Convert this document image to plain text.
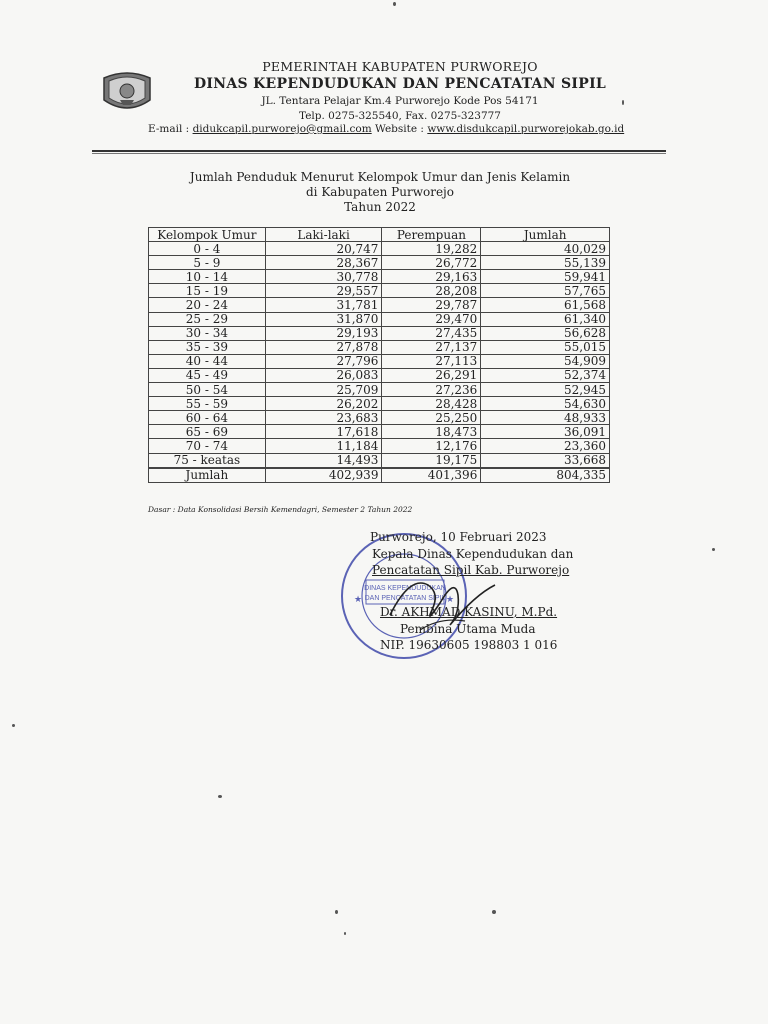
PEMERINTAH KABUPATEN PURWOREJO
DINAS KEPENDUDUKAN DAN PENCATATAN SIPIL
JL. Tentara Pelajar Km.4 Purworejo Kode Pos 54171
Telp. 0275-325540, Fax. 0275-323777
E-mail : didukcapil.purworejo@gmail.com Website : www.disdukcapil.purworejokab.go.id
Jumlah Penduduk Menurut Kelompok Umur dan Jenis Kelamin
di Kabupaten Purworejo
Tahun 2022
Kelompok Umur	Laki-laki	Perempuan	Jumlah
0 - 4	20,747	19,282	40,029
5 - 9	28,367	26,772	55,139
10 - 14	30,778	29,163	59,941
15 - 19	29,557	28,208	57,765
20 - 24	31,781	29,787	61,568
25 - 29	31,870	29,470	61,340
30 - 34	29,193	27,435	56,628
35 - 39	27,878	27,137	55,015
40 - 44	27,796	27,113	54,909
45 - 49	26,083	26,291	52,374
50 - 54	25,709	27,236	52,945
55 - 59	26,202	28,428	54,630
60 - 64	23,683	25,250	48,933
65 - 69	17,618	18,473	36,091
70 - 74	11,184	12,176	23,360
75 - keatas	14,493	19,175	33,668
Jumlah	402,939	401,396	804,335
Dasar : Data Konsolidasi Bersih Kemendagri, Semester 2 Tahun 2022
DINAS KEPENDUDUKAN
DAN PENCATATAN SIPIL
★	★
Purworejo, 10 Februari 2023
Kepala Dinas Kependudukan dan
Pencatatan Sipil Kab. Purworejo
Dr. AKHMAD KASINU, M.Pd.
Pembina Utama Muda
NIP. 19630605 198803 1 016
